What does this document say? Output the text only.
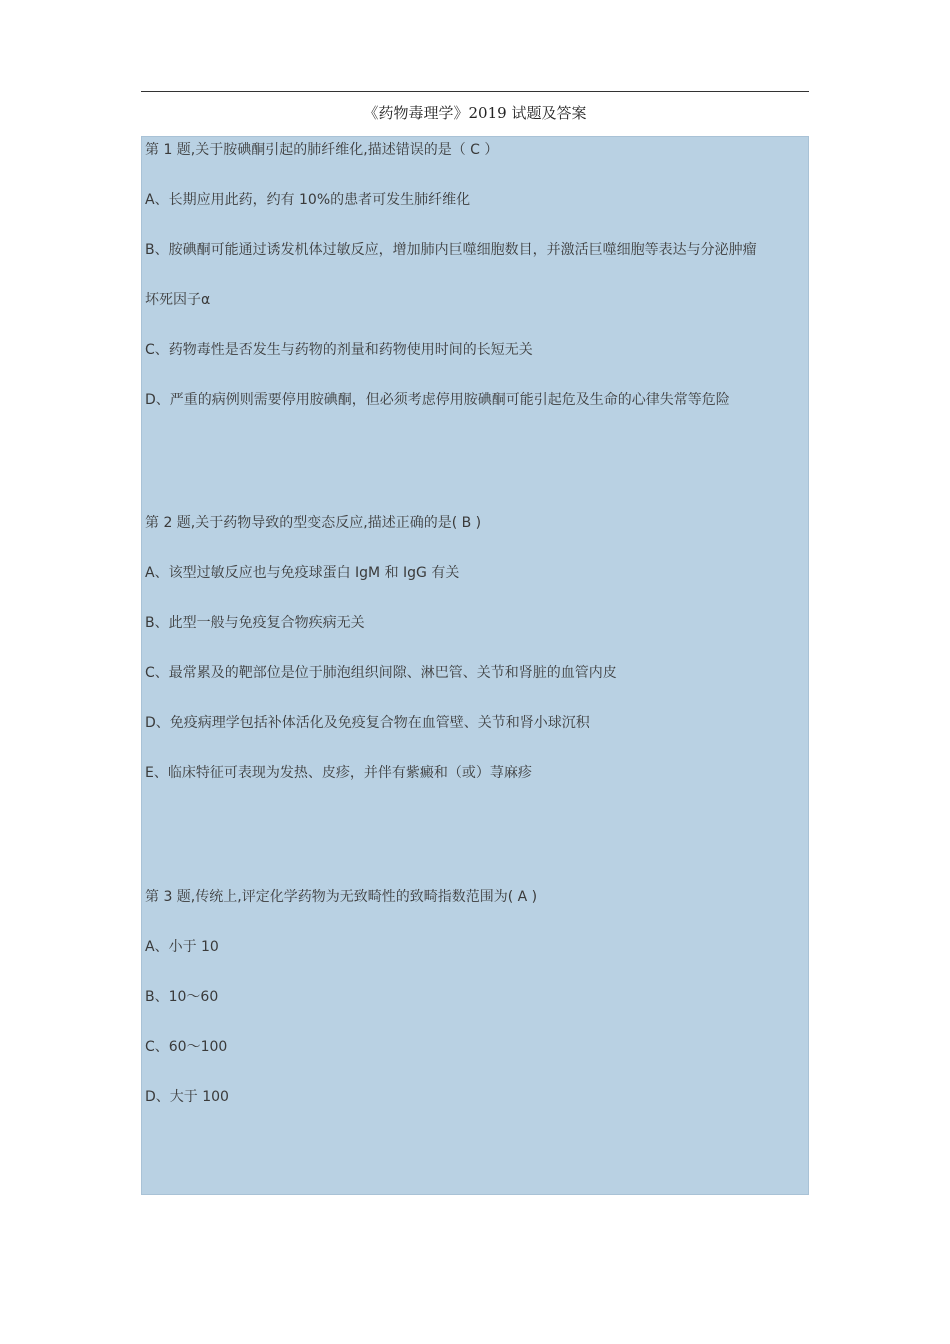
《药物毒理学》2019 试题及答案
第 1 题,关于胺碘酮引起的肺纤维化,描述错误的是（ C ）
A、长期应用此药，约有 10%的患者可发生肺纤维化
B、胺碘酮可能通过诱发机体过敏反应，增加肺内巨噬细胞数目，并激活巨噬细胞等表达与分泌肿瘤
坏死因子α
C、药物毒性是否发生与药物的剂量和药物使用时间的长短无关
D、严重的病例则需要停用胺碘酮，但必须考虑停用胺碘酮可能引起危及生命的心律失常等危险
第 2 题,关于药物导致的型变态反应,描述正确的是( B )
A、该型过敏反应也与免疫球蛋白 IgM 和 IgG 有关
B、此型一般与免疫复合物疾病无关
C、最常累及的靶部位是位于肺泡组织间隙、淋巴管、关节和肾脏的血管内皮
D、免疫病理学包括补体活化及免疫复合物在血管壁、关节和肾小球沉积
E、临床特征可表现为发热、皮疹，并伴有紫癜和（或）荨麻疹
第 3 题,传统上,评定化学药物为无致畸性的致畸指数范围为( A )
A、小于 10
B、10～60
C、60～100
D、大于 100
